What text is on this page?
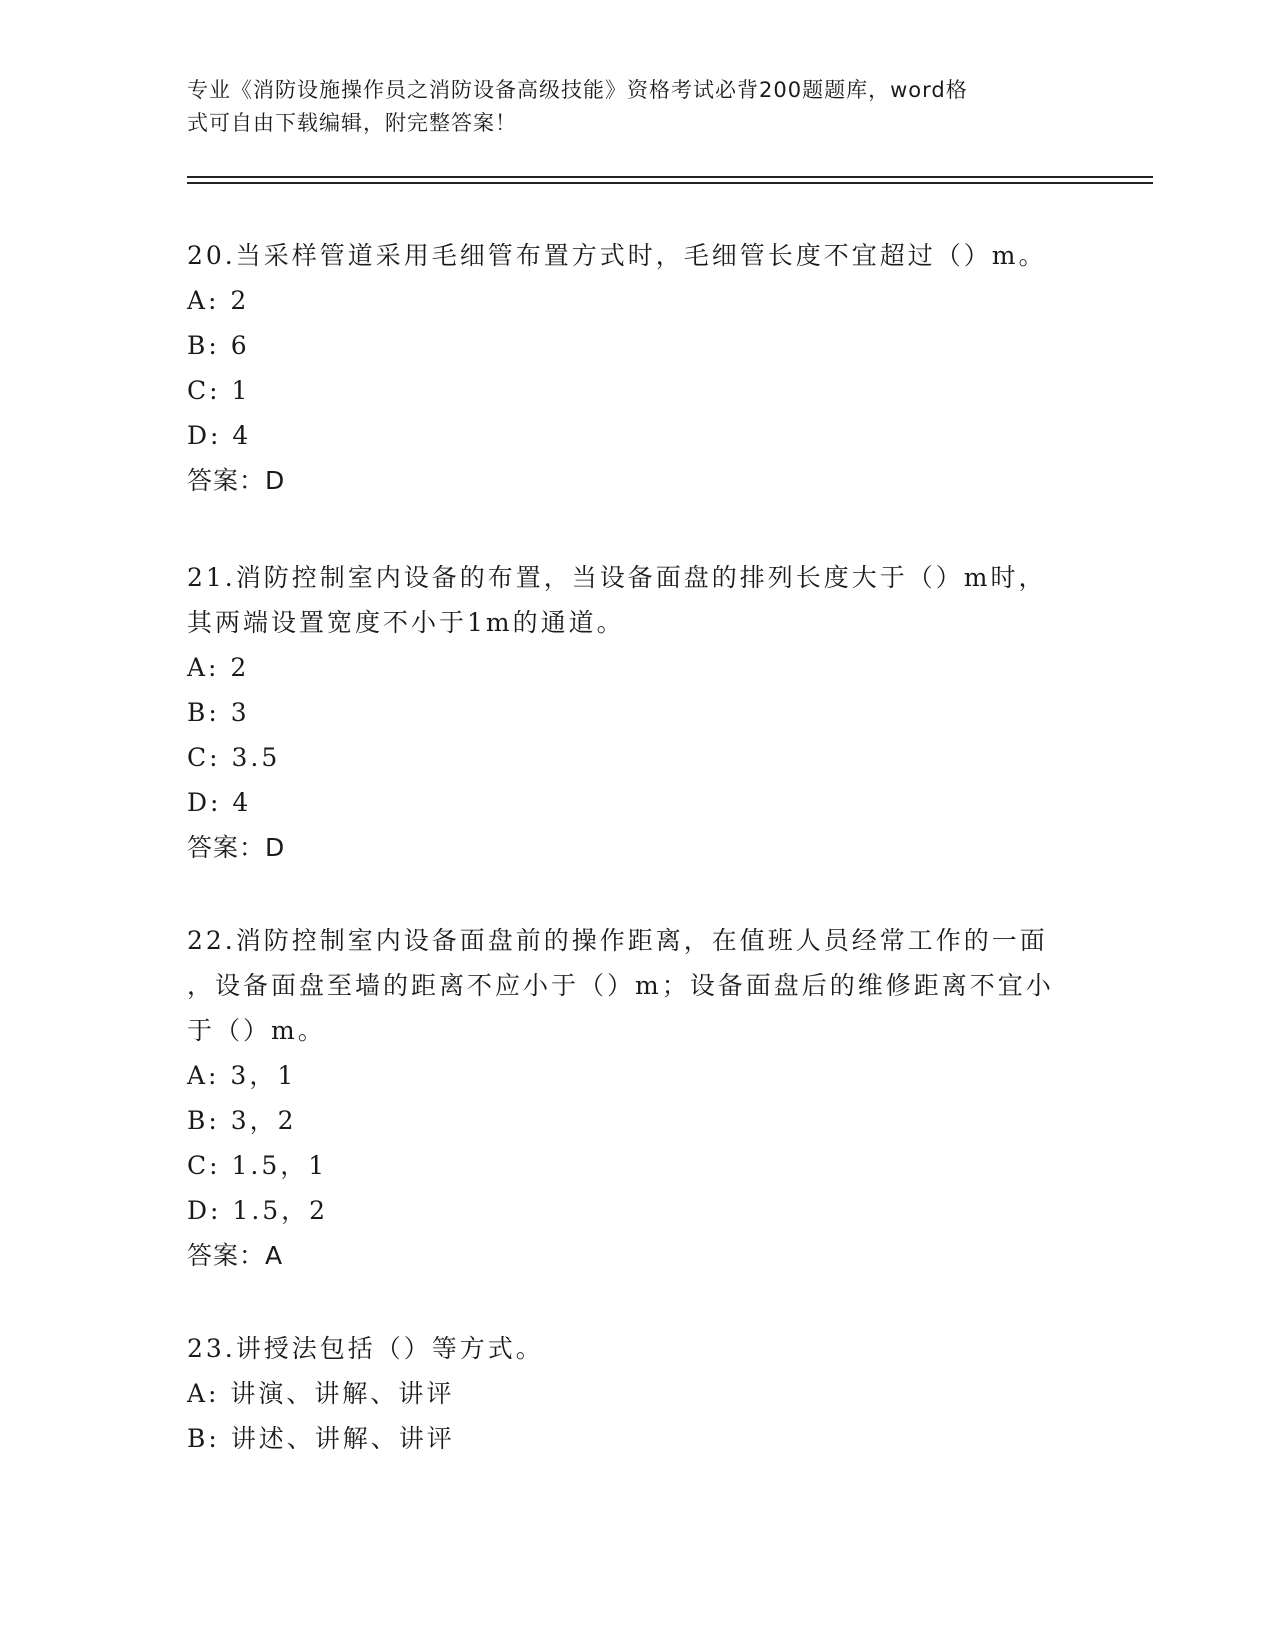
专业《消防设施操作员之消防设备高级技能》资格考试必背200题题库，word格
式可自由下载编辑，附完整答案！
20.当采样管道采用毛细管布置方式时，毛细管长度不宜超过（）m。
A: 2
B: 6
C: 1
D: 4
答案：D
21.消防控制室内设备的布置，当设备面盘的排列长度大于（）m时，
其两端设置宽度不小于1m的通道。
A: 2
B: 3
C: 3.5
D: 4
答案：D
22.消防控制室内设备面盘前的操作距离，在值班人员经常工作的一面
，设备面盘至墙的距离不应小于（）m；设备面盘后的维修距离不宜小
于（）m。
A: 3，1
B: 3，2
C: 1.5，1
D: 1.5，2
答案：A
23.讲授法包括（）等方式。
A: 讲演、讲解、讲评
B: 讲述、讲解、讲评
